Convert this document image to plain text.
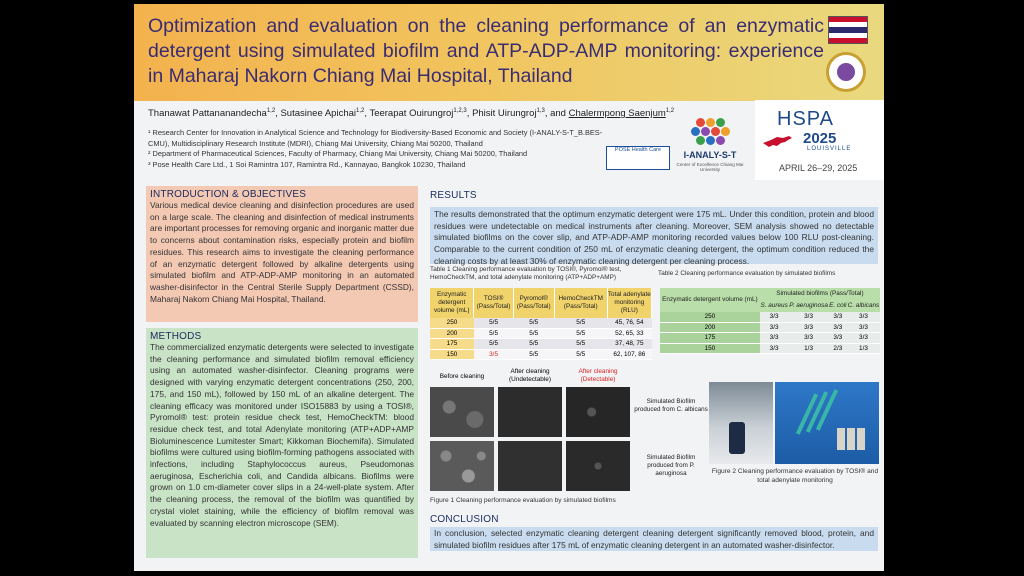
Optimization and evaluation on the cleaning performance of an enzymatic detergent using simulated biofilm and ATP-ADP-AMP monitoring: experience in Maharaj Nakorn Chiang Mai Hospital, Thailand
Thanawat Pattananandecha$^{1,2}$, Sutasinee Apichai$^{1,2}$, Teerapat Ouirungroj$^{1,2,3}$, Phisit Uirungroj$^{1,3}$, and Chalermpong Saenjum$^{1,2}$
¹ Research Center for Innovation in Analytical Science and Technology for Biodiversity-Based Economic and Society (I-ANALY-S-T_B.BES-CMU), Multidisciplinary Research Institute (MDRI), Chiang Mai University, Chiang Mai 50200, Thailand
² Department of Pharmaceutical Sciences, Faculty of Pharmacy, Chiang Mai University, Chiang Mai 50200, Thailand
³ Pose Health Care Ltd., 1 Soi Ramintra 107, Ramintra Rd., Kannayao, Bangkok 10230, Thailand
POSE Health Care	I-ANALY-S-T
Center of Excellence Chiang Mai University
HSPA
2025
LOUISVILLE
APRIL 26–29, 2025
INTRODUCTION & OBJECTIVES
Various medical device cleaning and disinfection procedures are used on a large scale. The cleaning and disinfection of medical instruments are important processes for removing organic and inorganic matter due to concerns about contamination risks, especially protein and biofilm residues. This research aims to investigate the cleaning performance of an enzymatic detergent followed by alkaline detergents using simulated biofilm and ATP-ADP-AMP monitoring in an automated washer-disinfector in the Central Sterile Supply Department (CSSD), Maharaj Nakorn Chiang Mai Hospital, Thailand.
METHODS
The commercialized enzymatic detergents were selected to investigate the cleaning performance and simulated biofilm removal efficiency using an automated washer-disinfector. Cleaning programs were designed with varying enzymatic detergent concentrations (250, 200, 175, and 150 mL), followed by 150 mL of an alkaline detergent. The cleaning efficacy was monitored under ISO15883 by using a TOSI®, Pyromol® test: protein residue check test, HemoCheckTM: blood residue check test, and total Adenylate monitoring (ATP+ADP+AMP Bioluminescence Lumitester Smart; Kikkoman Biochemifa). Simulated biofilms were cultured using biofilm-forming pathogens associated with infections, including Staphylococcus aureus, Pseudomonas aeruginosa, Escherichia coli, and Candida albicans. Biofilms were grown on 1.0 cm-diameter cover slips in a 24-well-plate system. After the cleaning process, the removal of the biofilm was quantified by crystal violet staining, while the efficiency of biofilm removal was evaluated by scanning electron microscope (SEM).
RESULTS
The results demonstrated that the optimum enzymatic detergent were 175 mL. Under this condition, protein and blood residues were undetectable on medical instruments after cleaning. Moreover, SEM analysis showed no detectable simulated biofilms on the cover slip, and ATP-ADP-AMP monitoring recorded values below 100 RLU post-cleaning. Comparable to the current condition of 250 mL of enzymatic cleaning detergent, the optimum condition reduced the cleaning costs by at least 30% of enzymatic cleaning detergent per cleaning process.
Table 1 Cleaning performance evaluation by TOSI®, Pyromol® test, HemoCheckTM, and total adenylate monitoring (ATP+ADP+AMP)
Enzymatic detergent volume (mL)	TOSI® (Pass/Total)	Pyromol® (Pass/Total)	HemoCheckTM (Pass/Total)	Total adenylate monitoring (RLU)
250	5/5	5/5	5/5	45, 76, 54
200	5/5	5/5	5/5	52, 65, 33
175	5/5	5/5	5/5	37, 48, 75
150	3/5	5/5	5/5	62, 107, 86
Table 2 Cleaning performance evaluation by simulated biofilms
Enzymatic detergent volume (mL)	Simulated biofilms (Pass/Total)			
	S. aureus	P. aeruginosa	E. coli	C. albicans
250	3/3	3/3	3/3	3/3
200	3/3	3/3	3/3	3/3
175	3/3	3/3	3/3	3/3
150	3/3	1/3	2/3	1/3
Before cleaning
After cleaning (Undetectable)
After cleaning (Detectable)
Simulated Biofilm produced from C. albicans
Simulated Biofilm produced from P. aeruginosa
Figure 1 Cleaning performance evaluation by simulated biofilms
Figure 2 Cleaning performance evaluation by TOSI® and total adenylate monitoring
CONCLUSION
In conclusion, selected enzymatic cleaning detergent cleaning detergent significantly removed blood, protein, and simulated biofilm residues after 175 mL of enzymatic cleaning detergent in an automated washer-disinfector.
